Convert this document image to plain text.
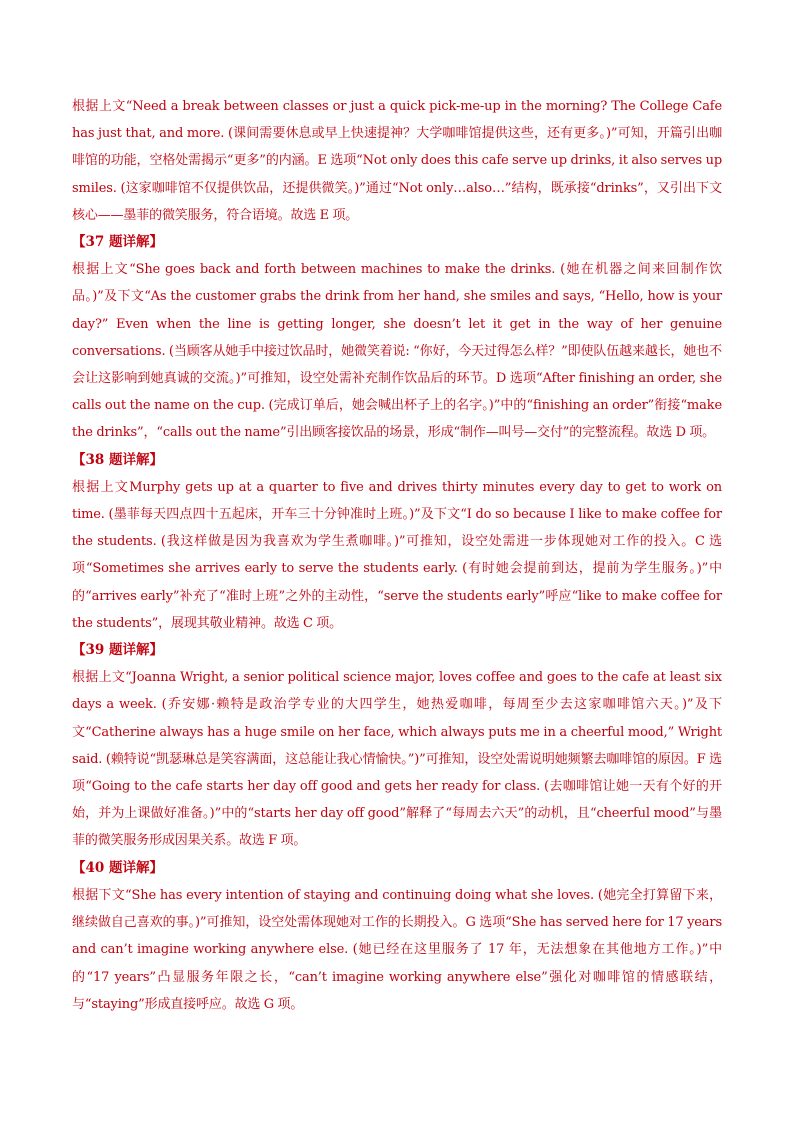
根据上文“Need a break between classes or just a quick pick-me-up in the morning? The College Cafe has just that, and more. (课间需要休息或早上快速提神？大学咖啡馆提供这些，还有更多。)”可知，开篇引出咖啡馆的功能，空格处需揭示“更多”的内涵。E 选项“Not only does this cafe serve up drinks, it also serves up smiles. (这家咖啡馆不仅提供饮品，还提供微笑。)”通过“Not only…also…”结构，既承接“drinks”，又引出下文核心——墨菲的微笑服务，符合语境。故选 E 项。

【37 题详解】

根据上文“She goes back and forth between machines to make the drinks. (她在机器之间来回制作饮品。)”及下文“As the customer grabs the drink from her hand, she smiles and says, “Hello, how is your day?” Even when the line is getting longer, she doesn’t let it get in the way of her genuine conversations. (当顾客从她手中接过饮品时，她微笑着说: “你好，今天过得怎么样？”即使队伍越来越长，她也不会让这影响到她真诚的交流。)”可推知，设空处需补充制作饮品后的环节。D 选项“After finishing an order, she calls out the name on the cup. (完成订单后，她会喊出杯子上的名字。)”中的“finishing an order”衔接“make the drinks”，“calls out the name”引出顾客接饮品的场景，形成“制作—叫号—交付”的完整流程。故选 D 项。

【38 题详解】

根据上文Murphy gets up at a quarter to five and drives thirty minutes every day to get to work on time. (墨菲每天四点四十五起床，开车三十分钟准时上班。)”及下文“I do so because I like to make coffee for the students. (我这样做是因为我喜欢为学生煮咖啡。)”可推知，设空处需进一步体现她对工作的投入。C 选项“Sometimes she arrives early to serve the students early. (有时她会提前到达，提前为学生服务。)”中的“arrives early”补充了“准时上班”之外的主动性，“serve the students early”呼应“like to make coffee for the students”，展现其敬业精神。故选 C 项。

【39 题详解】

根据上文“Joanna Wright, a senior political science major, loves coffee and goes to the cafe at least six days a week. (乔安娜·赖特是政治学专业的大四学生，她热爱咖啡，每周至少去这家咖啡馆六天。)”及下文“Catherine always has a huge smile on her face, which always puts me in a cheerful mood,” Wright said. (赖特说“凯瑟琳总是笑容满面，这总能让我心情愉快。”)”可推知，设空处需说明她频繁去咖啡馆的原因。F 选项“Going to the cafe starts her day off good and gets her ready for class. (去咖啡馆让她一天有个好的开始，并为上课做好准备。)”中的“starts her day off good”解释了“每周去六天”的动机，且“cheerful mood”与墨菲的微笑服务形成因果关系。故选 F 项。

【40 题详解】

根据下文“She has every intention of staying and continuing doing what she loves. (她完全打算留下来，继续做自己喜欢的事。)”可推知，设空处需体现她对工作的长期投入。G 选项“She has served here for 17 years and can’t imagine working anywhere else. (她已经在这里服务了 17 年，无法想象在其他地方工作。)”中的“17 years”凸显服务年限之长，“can’t imagine working anywhere else”强化对咖啡馆的情感联结，与“staying”形成直接呼应。故选 G 项。
